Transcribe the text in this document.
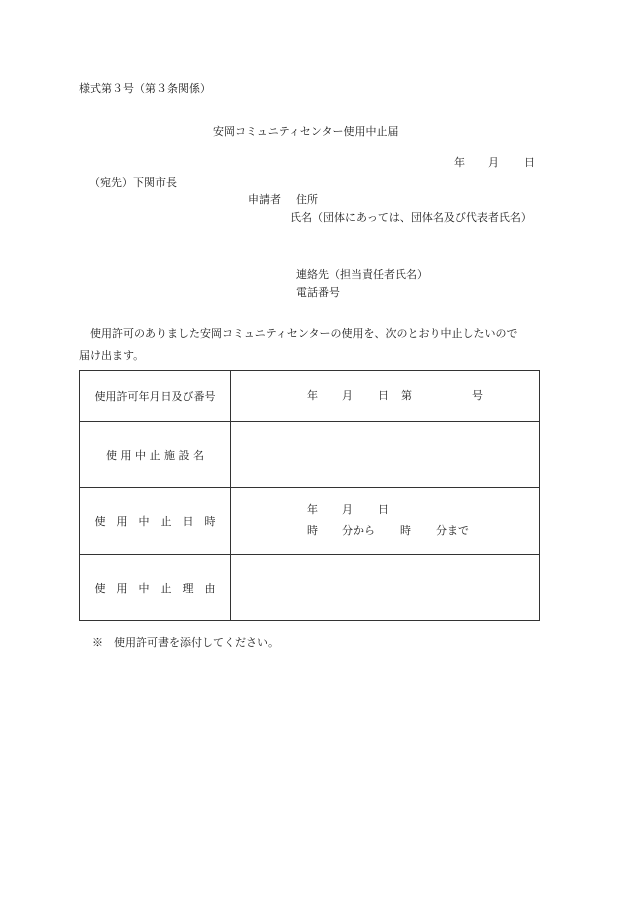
様式第３号（第３条関係）
安岡コミュニティセンター使用中止届
年 月 日
（宛先）下関市長
申請者 住所
氏名（団体にあっては、団体名及び代表者氏名）
連絡先（担当責任者氏名）
電話番号
使用許可のありました安岡コミュニティセンターの使用を、次のとおり中止したいので
届け出ます。
使用許可年月日及び番号	年 月 日 第	号
使 用 中 止 施 設 名
使　用　中　止　日　時
年 月 日
時 分から 時 分まで
使　用　中　止　理　由
※　使用許可書を添付してください。
